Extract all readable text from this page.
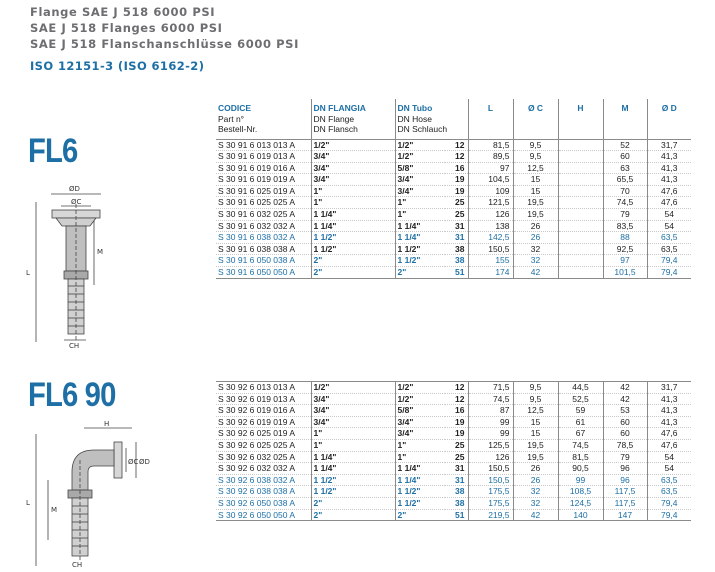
Flange SAE J 518 6000 PSI
SAE J 518 Flanges 6000 PSI
SAE J 518 Flanschanschlüsse 6000 PSI
ISO 12151-3 (ISO 6162-2)
FL6
FL6 90
ØD
ØC
L
M
CH
H
L
M
ØC ØD
CH
CODICE
Part n°
Bestell-Nr.	DN FLANGIA
DN Flange
DN Flansch	DN Tubo
DN Hose
DN Schlauch		L	Ø C	H	M	Ø D

S 30 91 6 013 013 A	1/2"	1/2"	12	81,5	9,5		52	31,7
S 30 91 6 019 013 A	3/4"	1/2"	12	89,5	9,5		60	41,3
S 30 91 6 019 016 A	3/4"	5/8"	16	97	12,5		63	41,3
S 30 91 6 019 019 A	3/4"	3/4"	19	104,5	15		65,5	41,3
S 30 91 6 025 019 A	1"	3/4"	19	109	15		70	47,6
S 30 91 6 025 025 A	1"	1"	25	121,5	19,5		74,5	47,6
S 30 91 6 032 025 A	1 1/4"	1"	25	126	19,5		79	54
S 30 91 6 032 032 A	1 1/4"	1 1/4"	31	138	26		83,5	54
S 30 91 6 038 032 A	1 1/2"	1 1/4"	31	142,5	26		88	63,5
S 30 91 6 038 038 A	1 1/2"	1 1/2"	38	150,5	32		92,5	63,5
S 30 91 6 050 038 A	2"	1 1/2"	38	155	32		97	79,4
S 30 91 6 050 050 A	2"	2"	51	174	42		101,5	79,4
S 30 92 6 013 013 A	1/2"	1/2"	12	71,5	9,5	44,5	42	31,7
S 30 92 6 019 013 A	3/4"	1/2"	12	74,5	9,5	52,5	42	41,3
S 30 92 6 019 016 A	3/4"	5/8"	16	87	12,5	59	53	41,3
S 30 92 6 019 019 A	3/4"	3/4"	19	99	15	61	60	41,3
S 30 92 6 025 019 A	1"	3/4"	19	99	15	67	60	47,6
S 30 92 6 025 025 A	1"	1"	25	125,5	19,5	74,5	78,5	47,6
S 30 92 6 032 025 A	1 1/4"	1"	25	126	19,5	81,5	79	54
S 30 92 6 032 032 A	1 1/4"	1 1/4"	31	150,5	26	90,5	96	54
S 30 92 6 038 032 A	1 1/2"	1 1/4"	31	150,5	26	99	96	63,5
S 30 92 6 038 038 A	1 1/2"	1 1/2"	38	175,5	32	108,5	117,5	63,5
S 30 92 6 050 038 A	2"	1 1/2"	38	175,5	32	124,5	117,5	79,4
S 30 92 6 050 050 A	2"	2"	51	219,5	42	140	147	79,4
